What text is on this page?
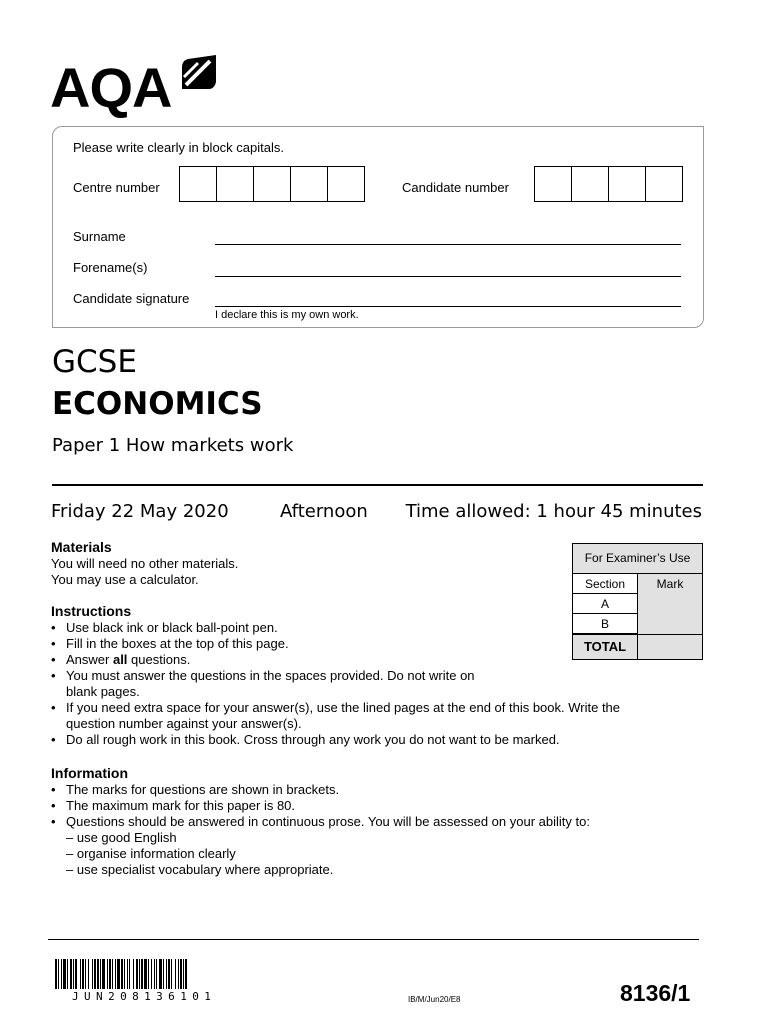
AQA
Please write clearly in block capitals.
Centre number	Candidate number
Surname
Forename(s)
Candidate signature
I declare this is my own work.
GCSE
ECONOMICS
Paper 1 How markets work
Friday 22 May 2020	Afternoon Time allowed: 1 hour 45 minutes
Materials
You will need no other materials.
You may use a calculator.
Instructions
• Use black ink or black ball-point pen.
• Fill in the boxes at the top of this page.
• Answer all questions.
• You must answer the questions in the spaces provided. Do not write on
blank pages.
• If you need extra space for your answer(s), use the lined pages at the end of this book. Write the
question number against your answer(s).
• Do all rough work in this book. Cross through any work you do not want to be marked.
Information
• The marks for questions are shown in brackets.
• The maximum mark for this paper is 80.
• Questions should be answered in continuous prose. You will be assessed on your ability to:
– use good English
– organise information clearly
– use specialist vocabulary where appropriate.
For Examiner’s Use
Section	Mark
A
B
TOTAL
JUN208136101	IB/M/Jun20/E8	8136/1
